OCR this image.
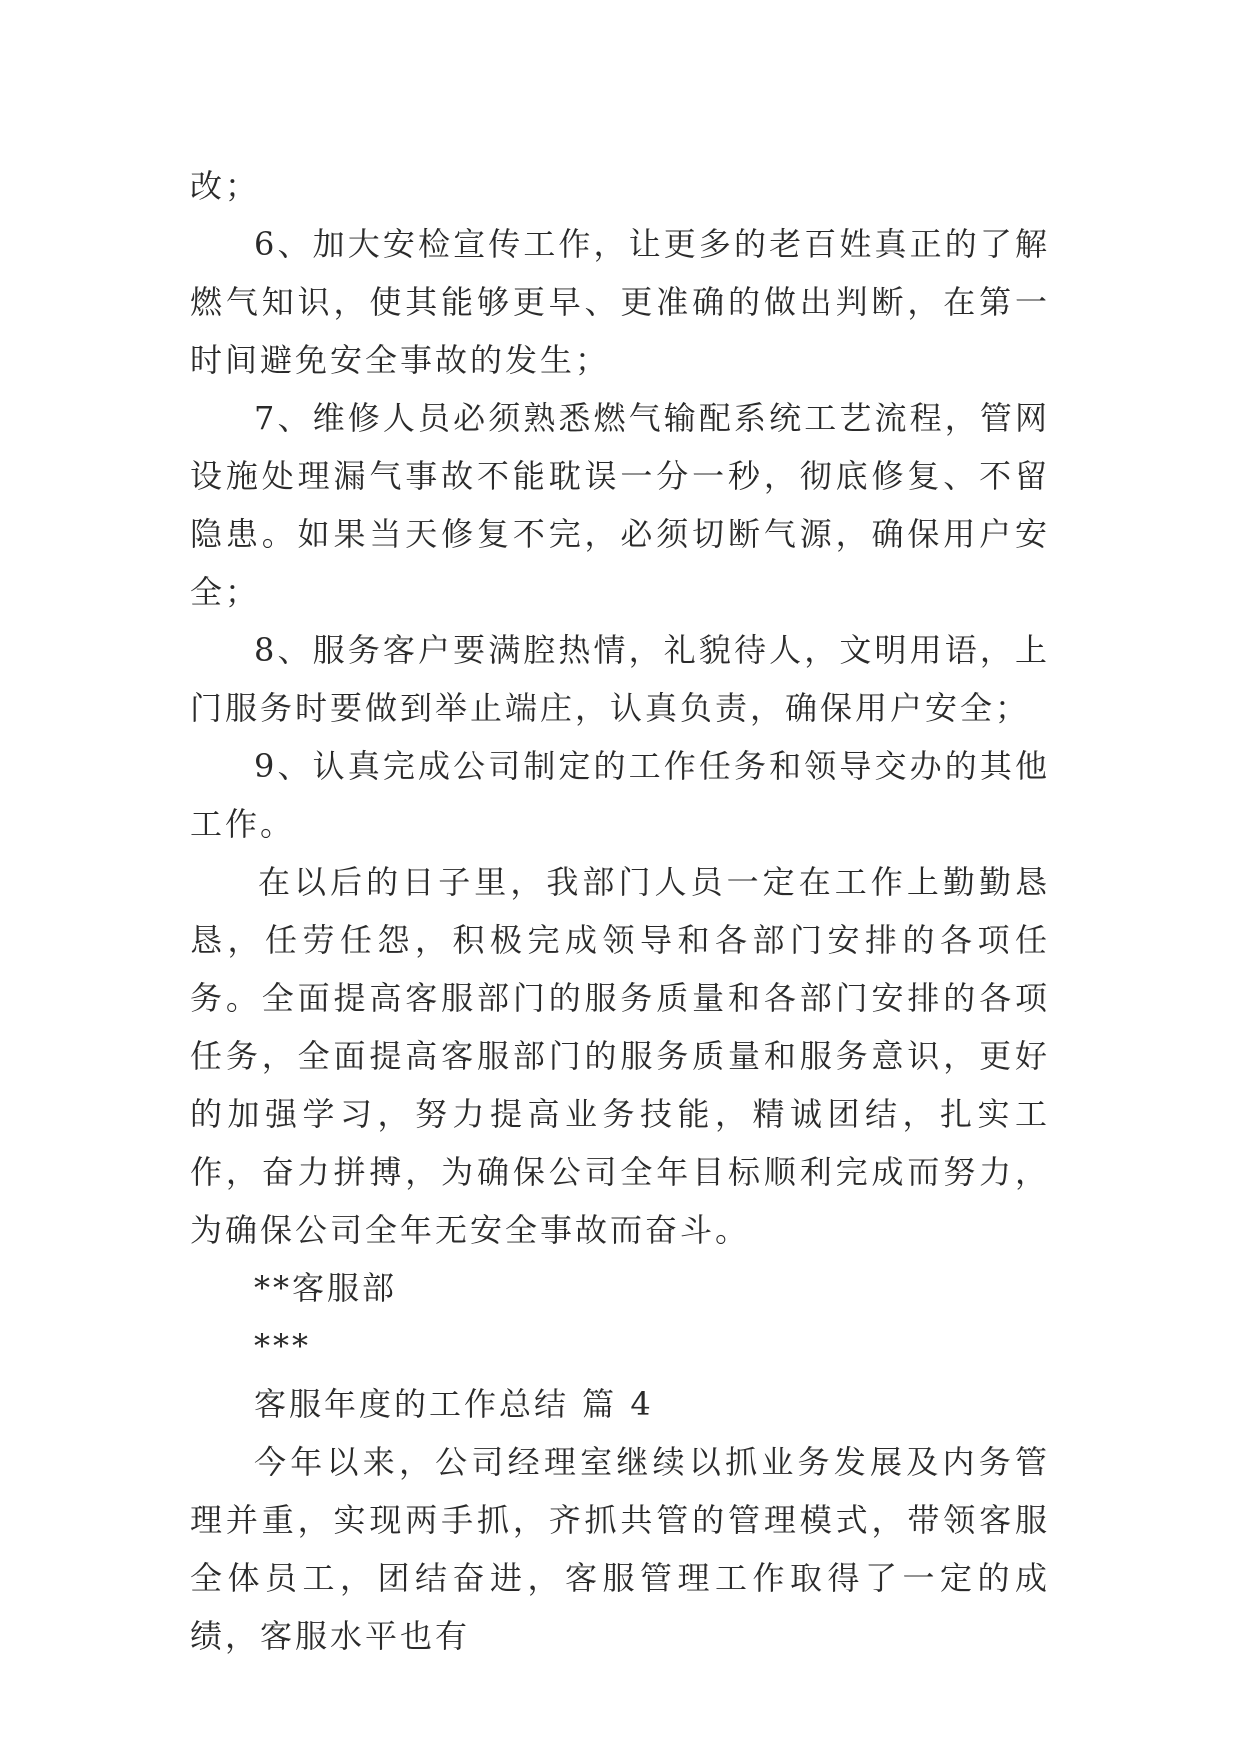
改；

6、加大安检宣传工作，让更多的老百姓真正的了解燃气知识，使其能够更早、更准确的做出判断，在第一时间避免安全事故的发生；

7、维修人员必须熟悉燃气输配系统工艺流程，管网设施处理漏气事故不能耽误一分一秒，彻底修复、不留隐患。如果当天修复不完，必须切断气源，确保用户安全；

8、服务客户要满腔热情，礼貌待人，文明用语，上门服务时要做到举止端庄，认真负责，确保用户安全；

9、认真完成公司制定的工作任务和领导交办的其他工作。

在以后的日子里，我部门人员一定在工作上勤勤恳恳，任劳任怨，积极完成领导和各部门安排的各项任务。全面提高客服部门的服务质量和各部门安排的各项任务，全面提高客服部门的服务质量和服务意识，更好的加强学习，努力提高业务技能，精诚团结，扎实工作，奋力拼搏，为确保公司全年目标顺利完成而努力，为确保公司全年无安全事故而奋斗。

**客服部

***

客服年度的工作总结 篇 4

今年以来，公司经理室继续以抓业务发展及内务管理并重，实现两手抓，齐抓共管的管理模式，带领客服全体员工，团结奋进，客服管理工作取得了一定的成绩，客服水平也有
